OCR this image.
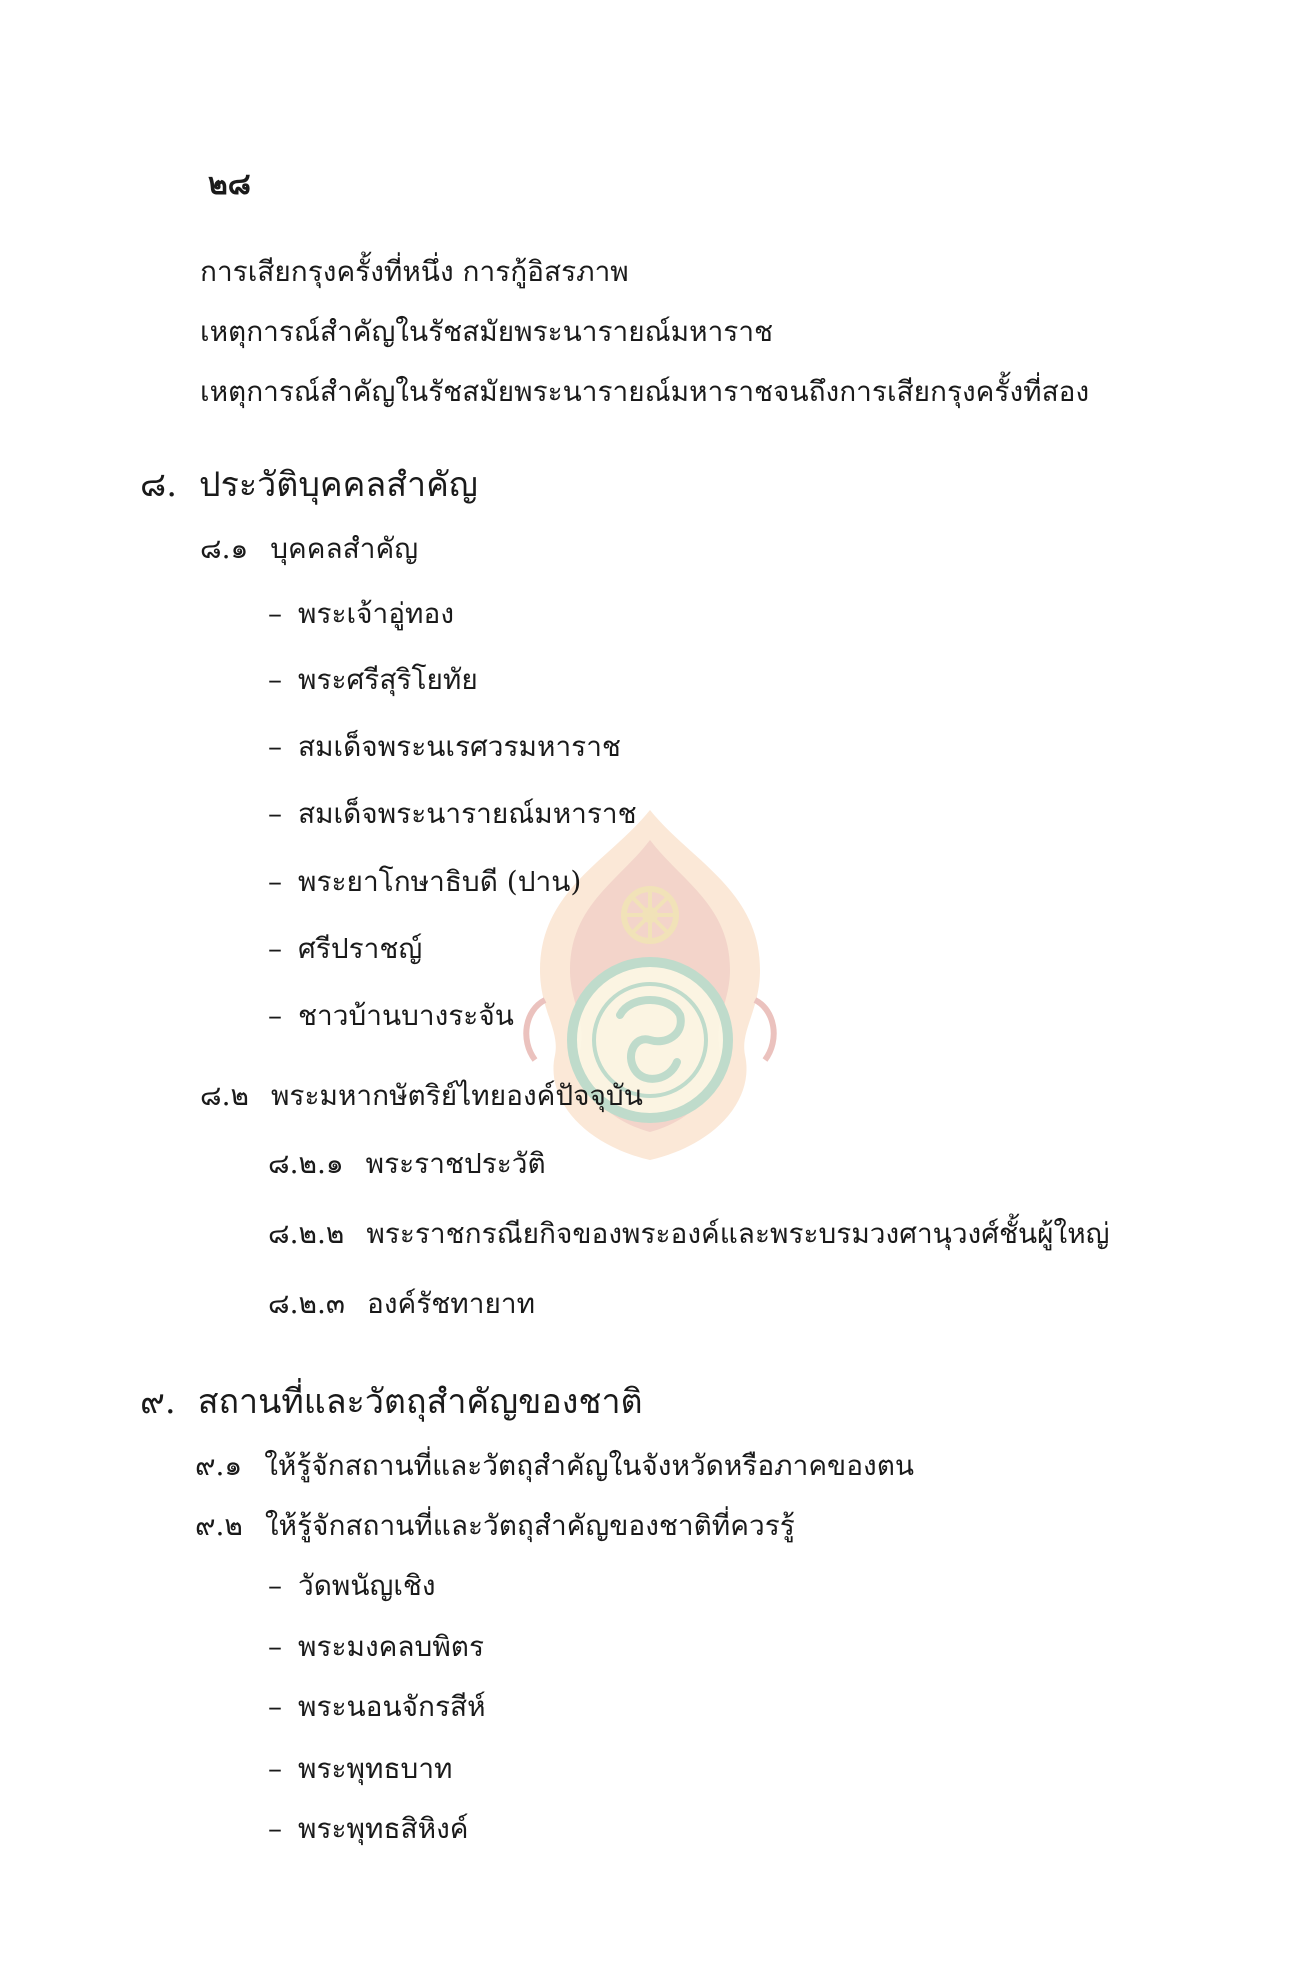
๒๘
การเสียกรุงครั้งที่หนึ่ง การกู้อิสรภาพ
เหตุการณ์สำคัญในรัชสมัยพระนารายณ์มหาราช
เหตุการณ์สำคัญในรัชสมัยพระนารายณ์มหาราชจนถึงการเสียกรุงครั้งที่สอง
๘. ประวัติบุคคลสำคัญ
๘.๑ บุคคลสำคัญ
– พระเจ้าอู่ทอง
– พระศรีสุริโยทัย
– สมเด็จพระนเรศวรมหาราช
– สมเด็จพระนารายณ์มหาราช
– พระยาโกษาธิบดี (ปาน)
– ศรีปราชญ์
– ชาวบ้านบางระจัน
๘.๒ พระมหากษัตริย์ไทยองค์ปัจจุบัน
๘.๒.๑ พระราชประวัติ
๘.๒.๒ พระราชกรณียกิจของพระองค์และพระบรมวงศานุวงศ์ชั้นผู้ใหญ่
๘.๒.๓ องค์รัชทายาท
๙. สถานที่และวัตถุสำคัญของชาติ
๙.๑ ให้รู้จักสถานที่และวัตถุสำคัญในจังหวัดหรือภาคของตน
๙.๒ ให้รู้จักสถานที่และวัตถุสำคัญของชาติที่ควรรู้
– วัดพนัญเชิง
– พระมงคลบพิตร
– พระนอนจักรสีห์
– พระพุทธบาท
– พระพุทธสิหิงค์
